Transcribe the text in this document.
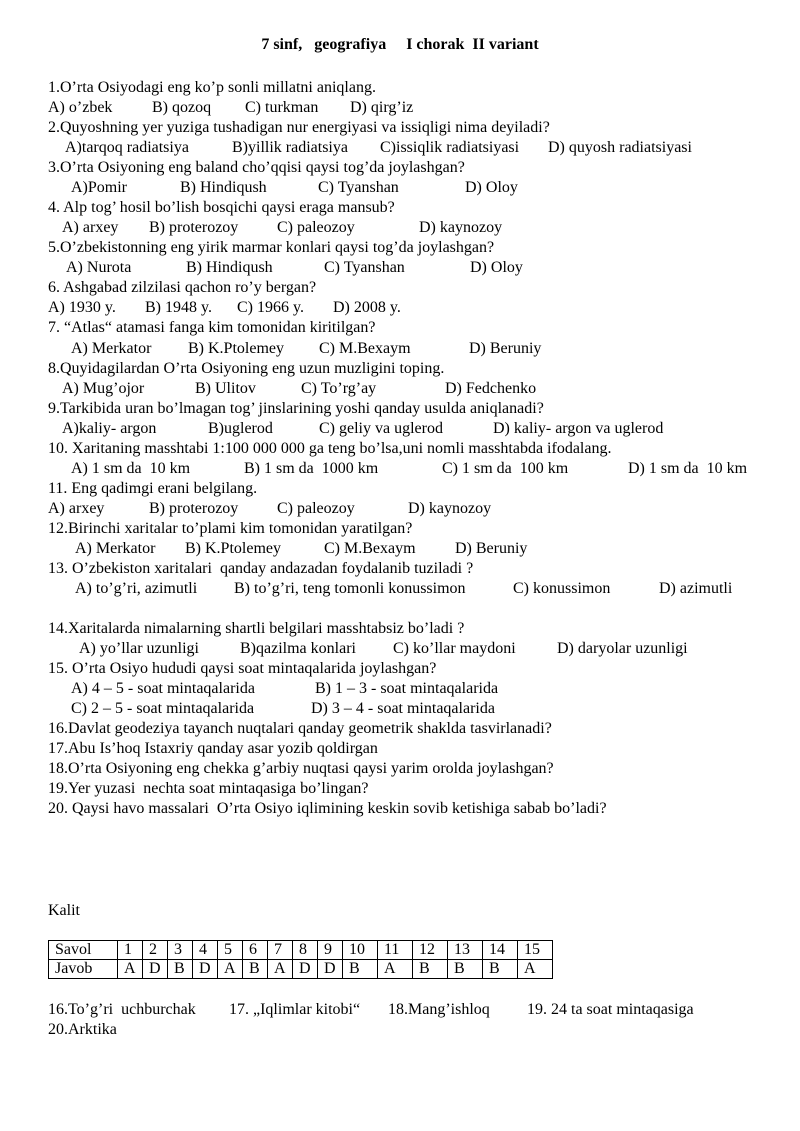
7 sinf,   geografiya     I chorak  II variant
1.O’rta Osiyodagi eng ko’p sonli millatni aniqlang.
A) o’zbek B) qozoq C) turkman D) qirg’iz
2.Quyoshning yer yuziga tushadigan nur energiyasi va issiqligi nima deyiladi?
A)tarqoq radiatsiya	B)yillik radiatsiya C)issiqlik radiatsiyasi D) quyosh radiatsiyasi
3.O’rta Osiyoning eng baland cho’qqisi qaysi tog’da joylashgan?
A)Pomir	B) Hindiqush	C) Tyanshan	D) Oloy
4. Alp tog’ hosil bo’lish bosqichi qaysi eraga mansub?
A) arxey B) proterozoy C) paleozoy	D) kaynozoy
5.O’zbekistonning eng yirik marmar konlari qaysi tog’da joylashgan?
A) Nurota	B) Hindiqush	C) Tyanshan	D) Oloy
6. Ashgabad zilzilasi qachon ro’y bergan?
A) 1930 y. B) 1948 y. C) 1966 y. D) 2008 y.
7. “Atlas“ atamasi fanga kim tomonidan kiritilgan?
A) Merkator B) K.Ptolemey C) M.Bexaym	D) Beruniy
8.Quyidagilardan O’rta Osiyoning eng uzun muzligini toping.
A) Mug’ojor	B) Ulitov	C) To’rg’ay	D) Fedchenko
9.Tarkibida uran bo’lmagan tog’ jinslarining yoshi qanday usulda aniqlanadi?
A)kaliy- argon	B)uglerod	C) geliy va uglerod	D) kaliy- argon va uglerod
10. Xaritaning masshtabi 1:100 000 000 ga teng bo’lsa,uni nomli masshtabda ifodalang.
A) 1 sm da  10 km	B) 1 sm da  1000 km	C) 1 sm da  100 km	D) 1 sm da  10 km
11. Eng qadimgi erani belgilang.
A) arxey	B) proterozoy C) paleozoy	D) kaynozoy
12.Birinchi xaritalar to’plami kim tomonidan yaratilgan?
A) Merkator B) K.Ptolemey	C) M.Bexaym D) Beruniy
13. O’zbekiston xaritalari  qanday andazadan foydalanib tuziladi ?
A) to’g’ri, azimutli B) to’g’ri, teng tomonli konussimon	C) konussimon	D) azimutli
14.Xaritalarda nimalarning shartli belgilari masshtabsiz bo’ladi ?
A) yo’llar uzunligi	B)qazilma konlari C) ko’llar maydoni	D) daryolar uzunligi
15. O’rta Osiyo hududi qaysi soat mintaqalarida joylashgan?
A) 4 – 5 - soat mintaqalarida	B) 1 – 3 - soat mintaqalarida
C) 2 – 5 - soat mintaqalarida	D) 3 – 4 - soat mintaqalarida
16.Davlat geodeziya tayanch nuqtalari qanday geometrik shaklda tasvirlanadi?
17.Abu Is’hoq Istaxriy qanday asar yozib qoldirgan
18.O’rta Osiyoning eng chekka g’arbiy nuqtasi qaysi yarim orolda joylashgan?
19.Yer yuzasi  nechta soat mintaqasiga bo’lingan?
20. Qaysi havo massalari  O’rta Osiyo iqlimining keskin sovib ketishiga sabab bo’ladi?
Kalit
Savol	1	2	3	4	5	6	7	8	9	10	11	12	13	14	15
Javob	A	D	B	D	A	B	A	D	D	B	A	B	B	B	A
16.To’g’ri  uchburchak 17. „Iqlimlar kitobi“ 18.Mang’ishloq 19. 24 ta soat mintaqasiga
20.Arktika
